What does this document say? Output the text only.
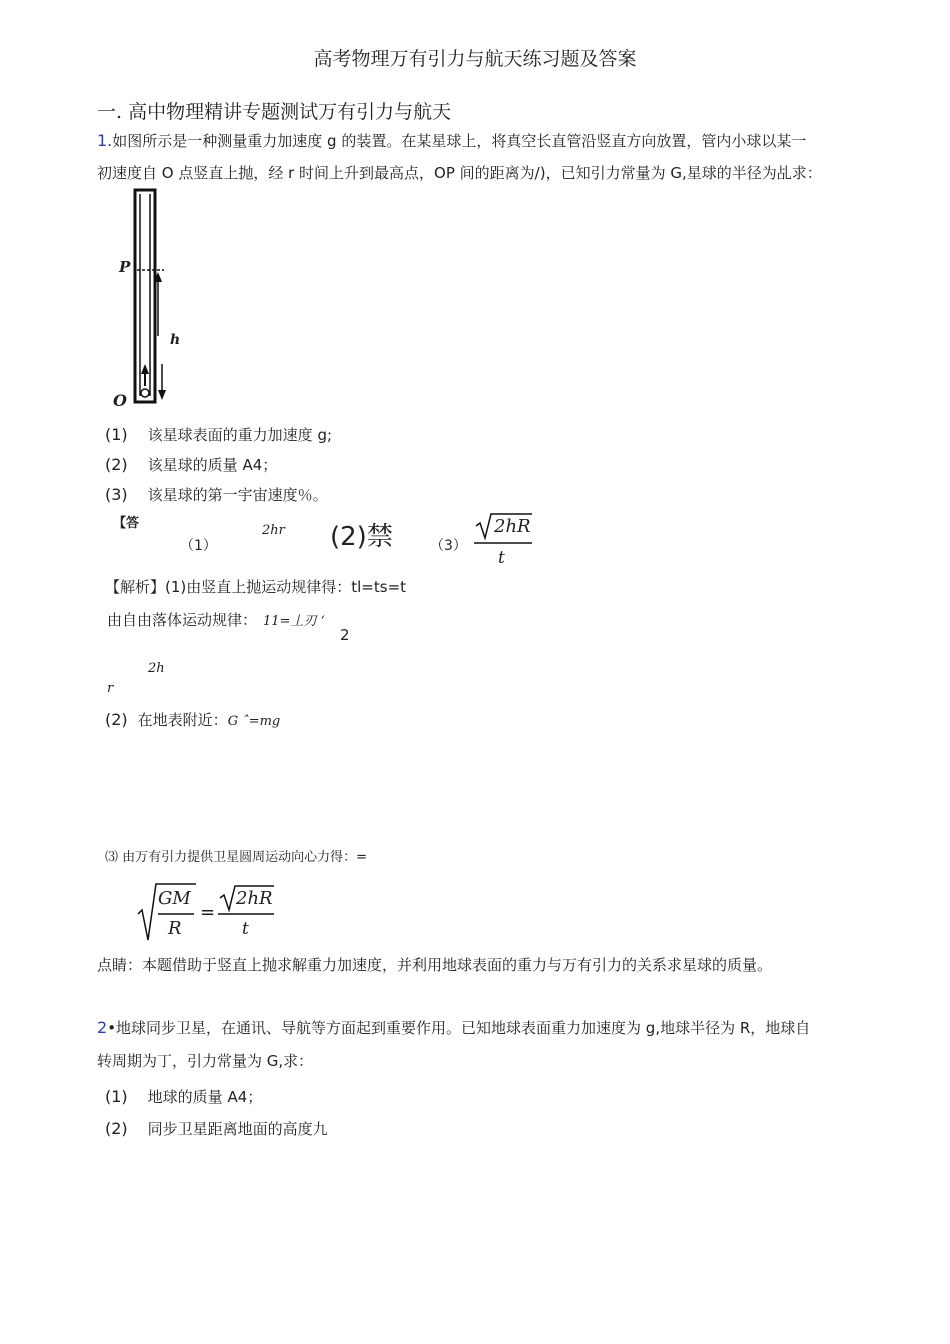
高考物理万有引力与航天练习题及答案
一. 高中物理精讲专题测试万有引力与航天
1.如图所示是一种测量重力加速度 g 的装置。在某星球上，将真空长直管沿竖直方向放置，管内小球以某一
初速度自 O 点竖直上抛，经 r 时间上升到最高点，OP 间的距离为/)，已知引力常量为 G,星球的半径为乩求：
P
h
O
(1) 该星球表面的重力加速度 g;
(2) 该星球的质量 A4；
(3) 该星球的第一宇宙速度％。
【答
（1）
2hr (2)禁	（3）
2hR
t
【解析】(1)由竖直上抛运动规律得：tl=ts=t
由自由落体运动规律： 11=丄刃 ‘
2
2h
r
(2) 在地表附近：G ˆ=mg
⑶ 由万有引力提供卫星圆周运动向心力得：=
GM
R
=
2hR
t
点睛：本题借助于竖直上抛求解重力加速度，并利用地球表面的重力与万有引力的关系求星球的质量。
2•地球同步卫星，在通讯、导航等方面起到重要作用。已知地球表面重力加速度为 g,地球半径为 R，地球自
转周期为丁，引力常量为 G,求：
(1) 地球的质量 A4；
(2) 同步卫星距离地面的高度九
